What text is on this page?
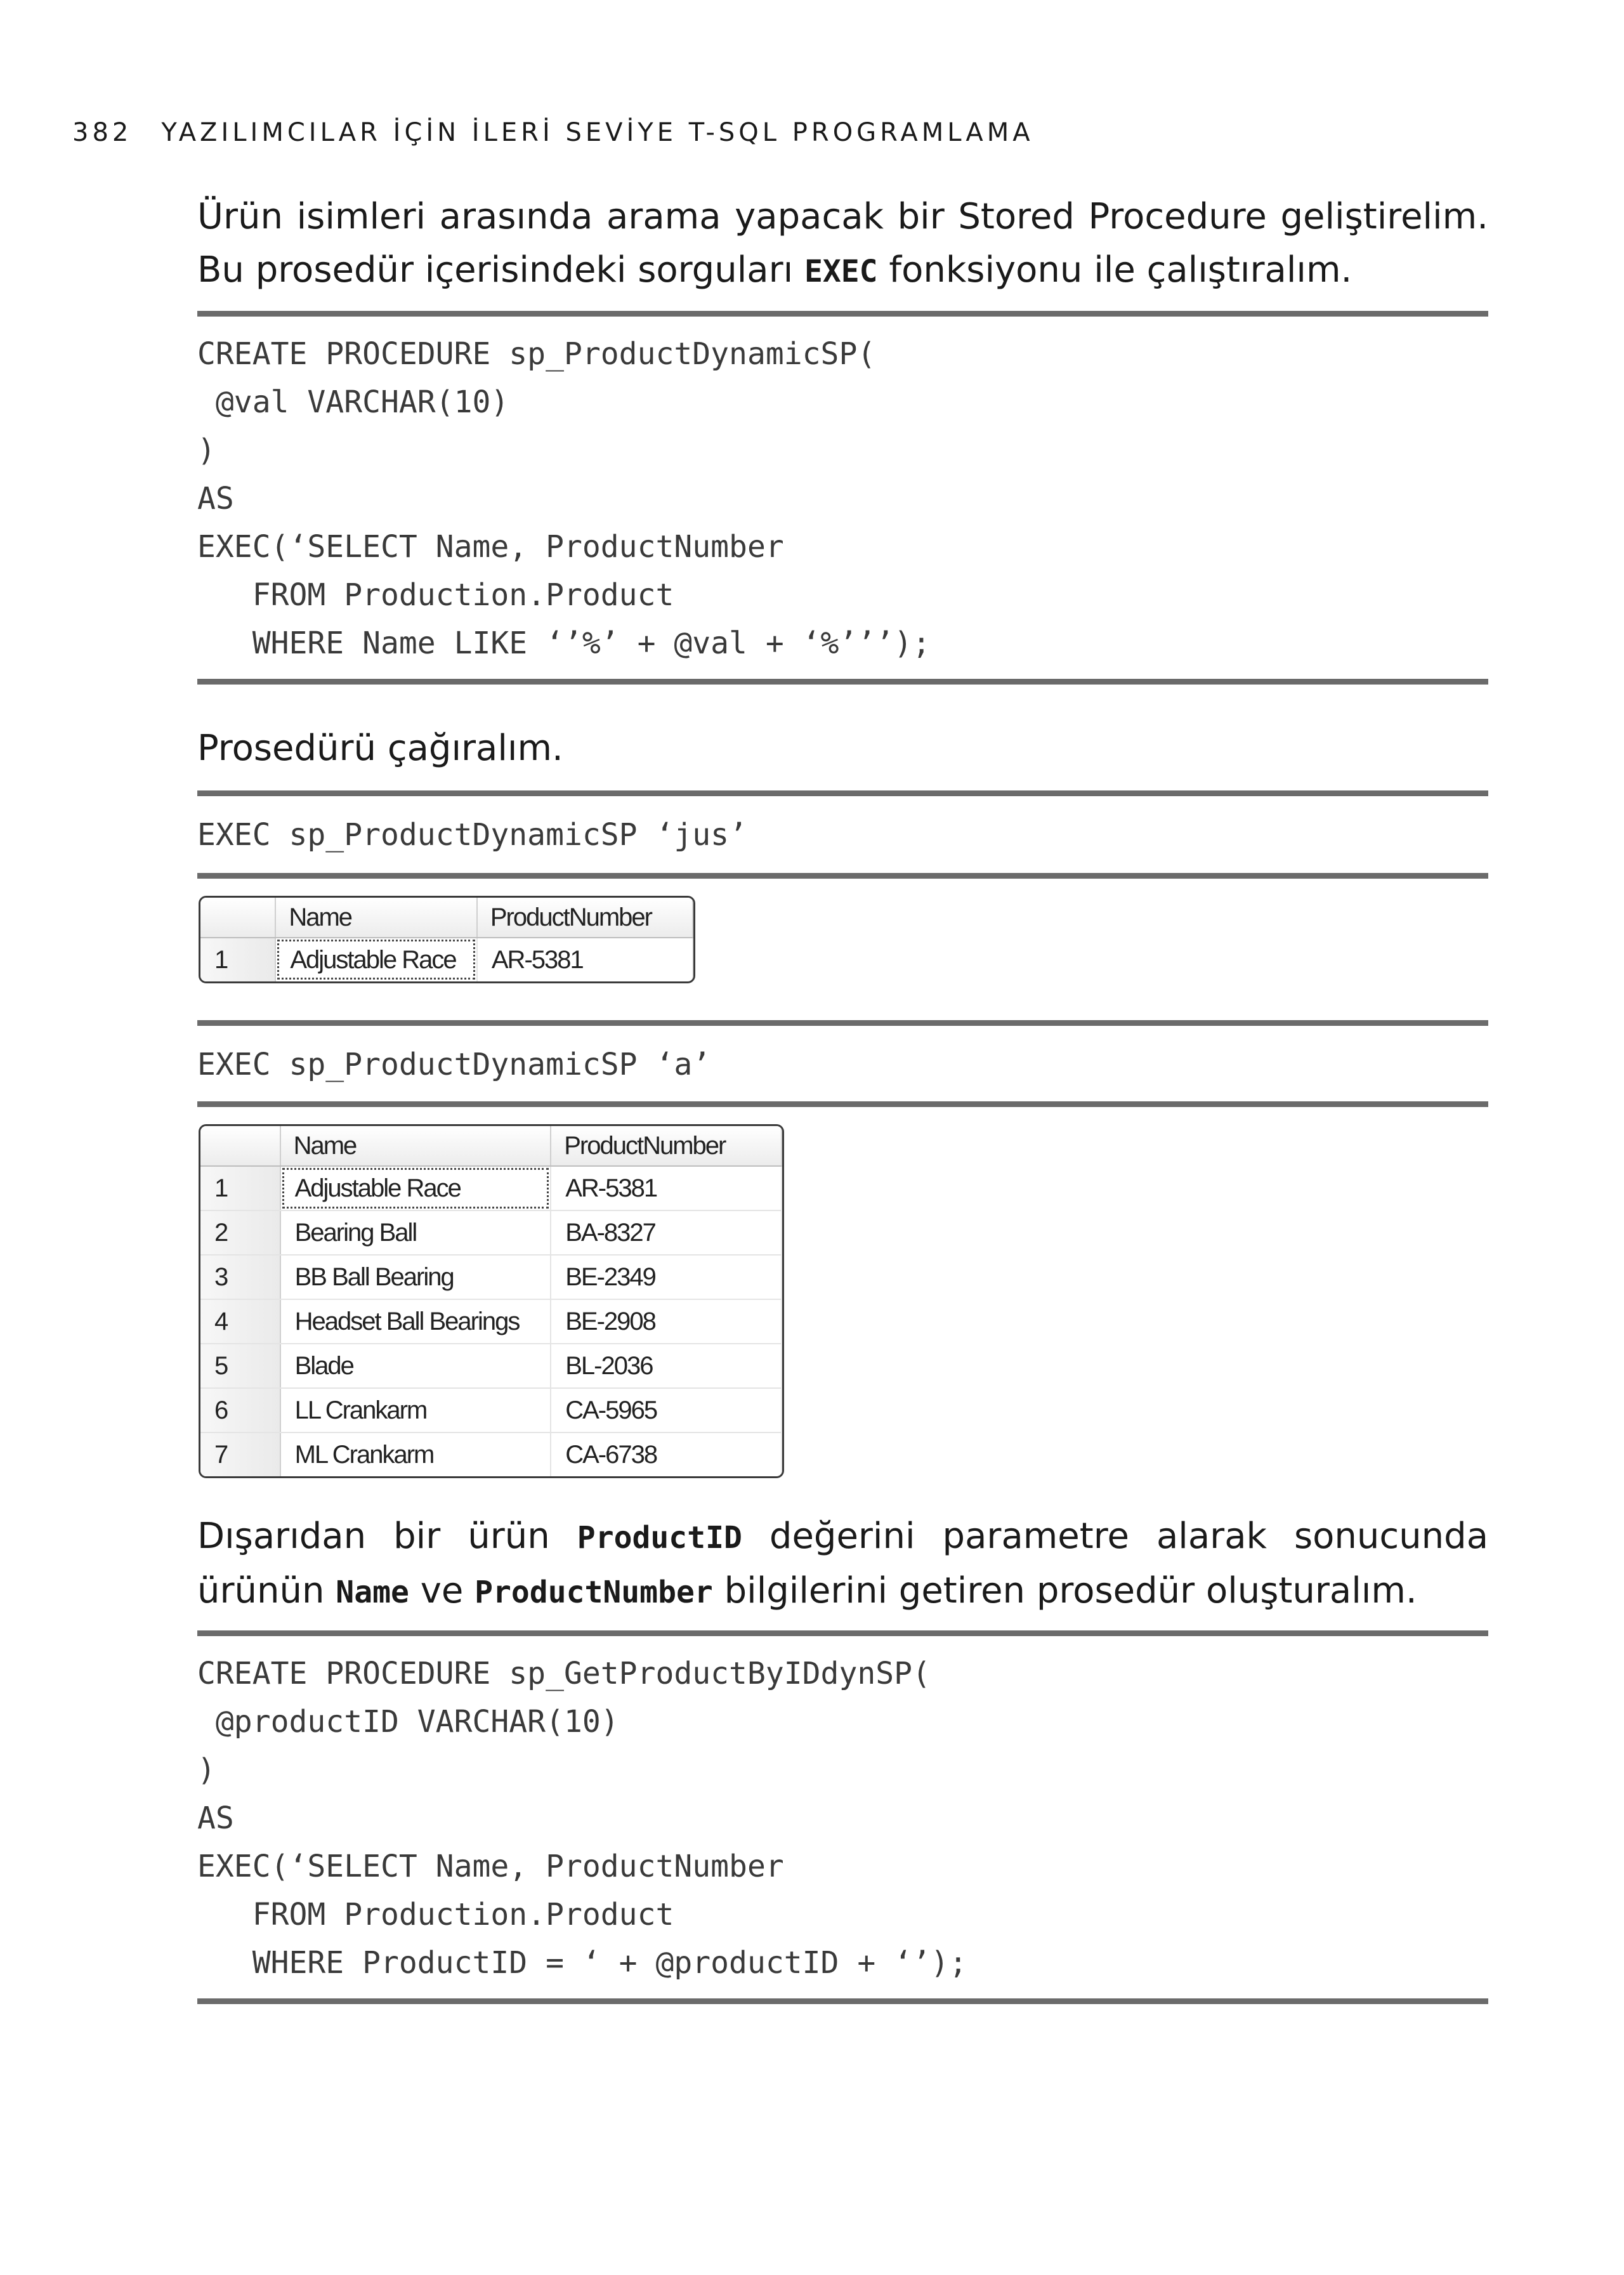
382 YAZILIMCILAR İÇİN İLERİ SEVİYE T-SQL PROGRAMLAMA

Ürün isimleri arasında arama yapacak bir Stored Procedure geliştirelim. Bu prosedür içerisindeki sorguları EXEC fonksiyonu ile çalıştıralım.

CREATE PROCEDURE sp_ProductDynamicSP(
@val VARCHAR(10)
)
AS
EXEC(‘SELECT Name, ProductNumber
FROM Production.Product
WHERE Name LIKE ‘’%’ + @val + ‘%’’’);

Prosedürü çağıralım.

EXEC sp_ProductDynamicSP ‘jus’
	Name	ProductNumber
1	Adjustable Race	AR-5381
EXEC sp_ProductDynamicSP ‘a’
	Name	ProductNumber
1	Adjustable Race	AR-5381
2	Bearing Ball	BA-8327
3	BB Ball Bearing	BE-2349
4	Headset Ball Bearings	BE-2908
5	Blade	BL-2036
6	LL Crankarm	CA-5965
7	ML Crankarm	CA-6738

Dışarıdan bir ürün ProductID değerini parametre alarak sonucunda ürünün Name ve ProductNumber bilgilerini getiren prosedür oluşturalım.

CREATE PROCEDURE sp_GetProductByIDdynSP(
@productID VARCHAR(10)
)
AS
EXEC(‘SELECT Name, ProductNumber
FROM Production.Product
WHERE ProductID = ‘ + @productID + ‘’);
